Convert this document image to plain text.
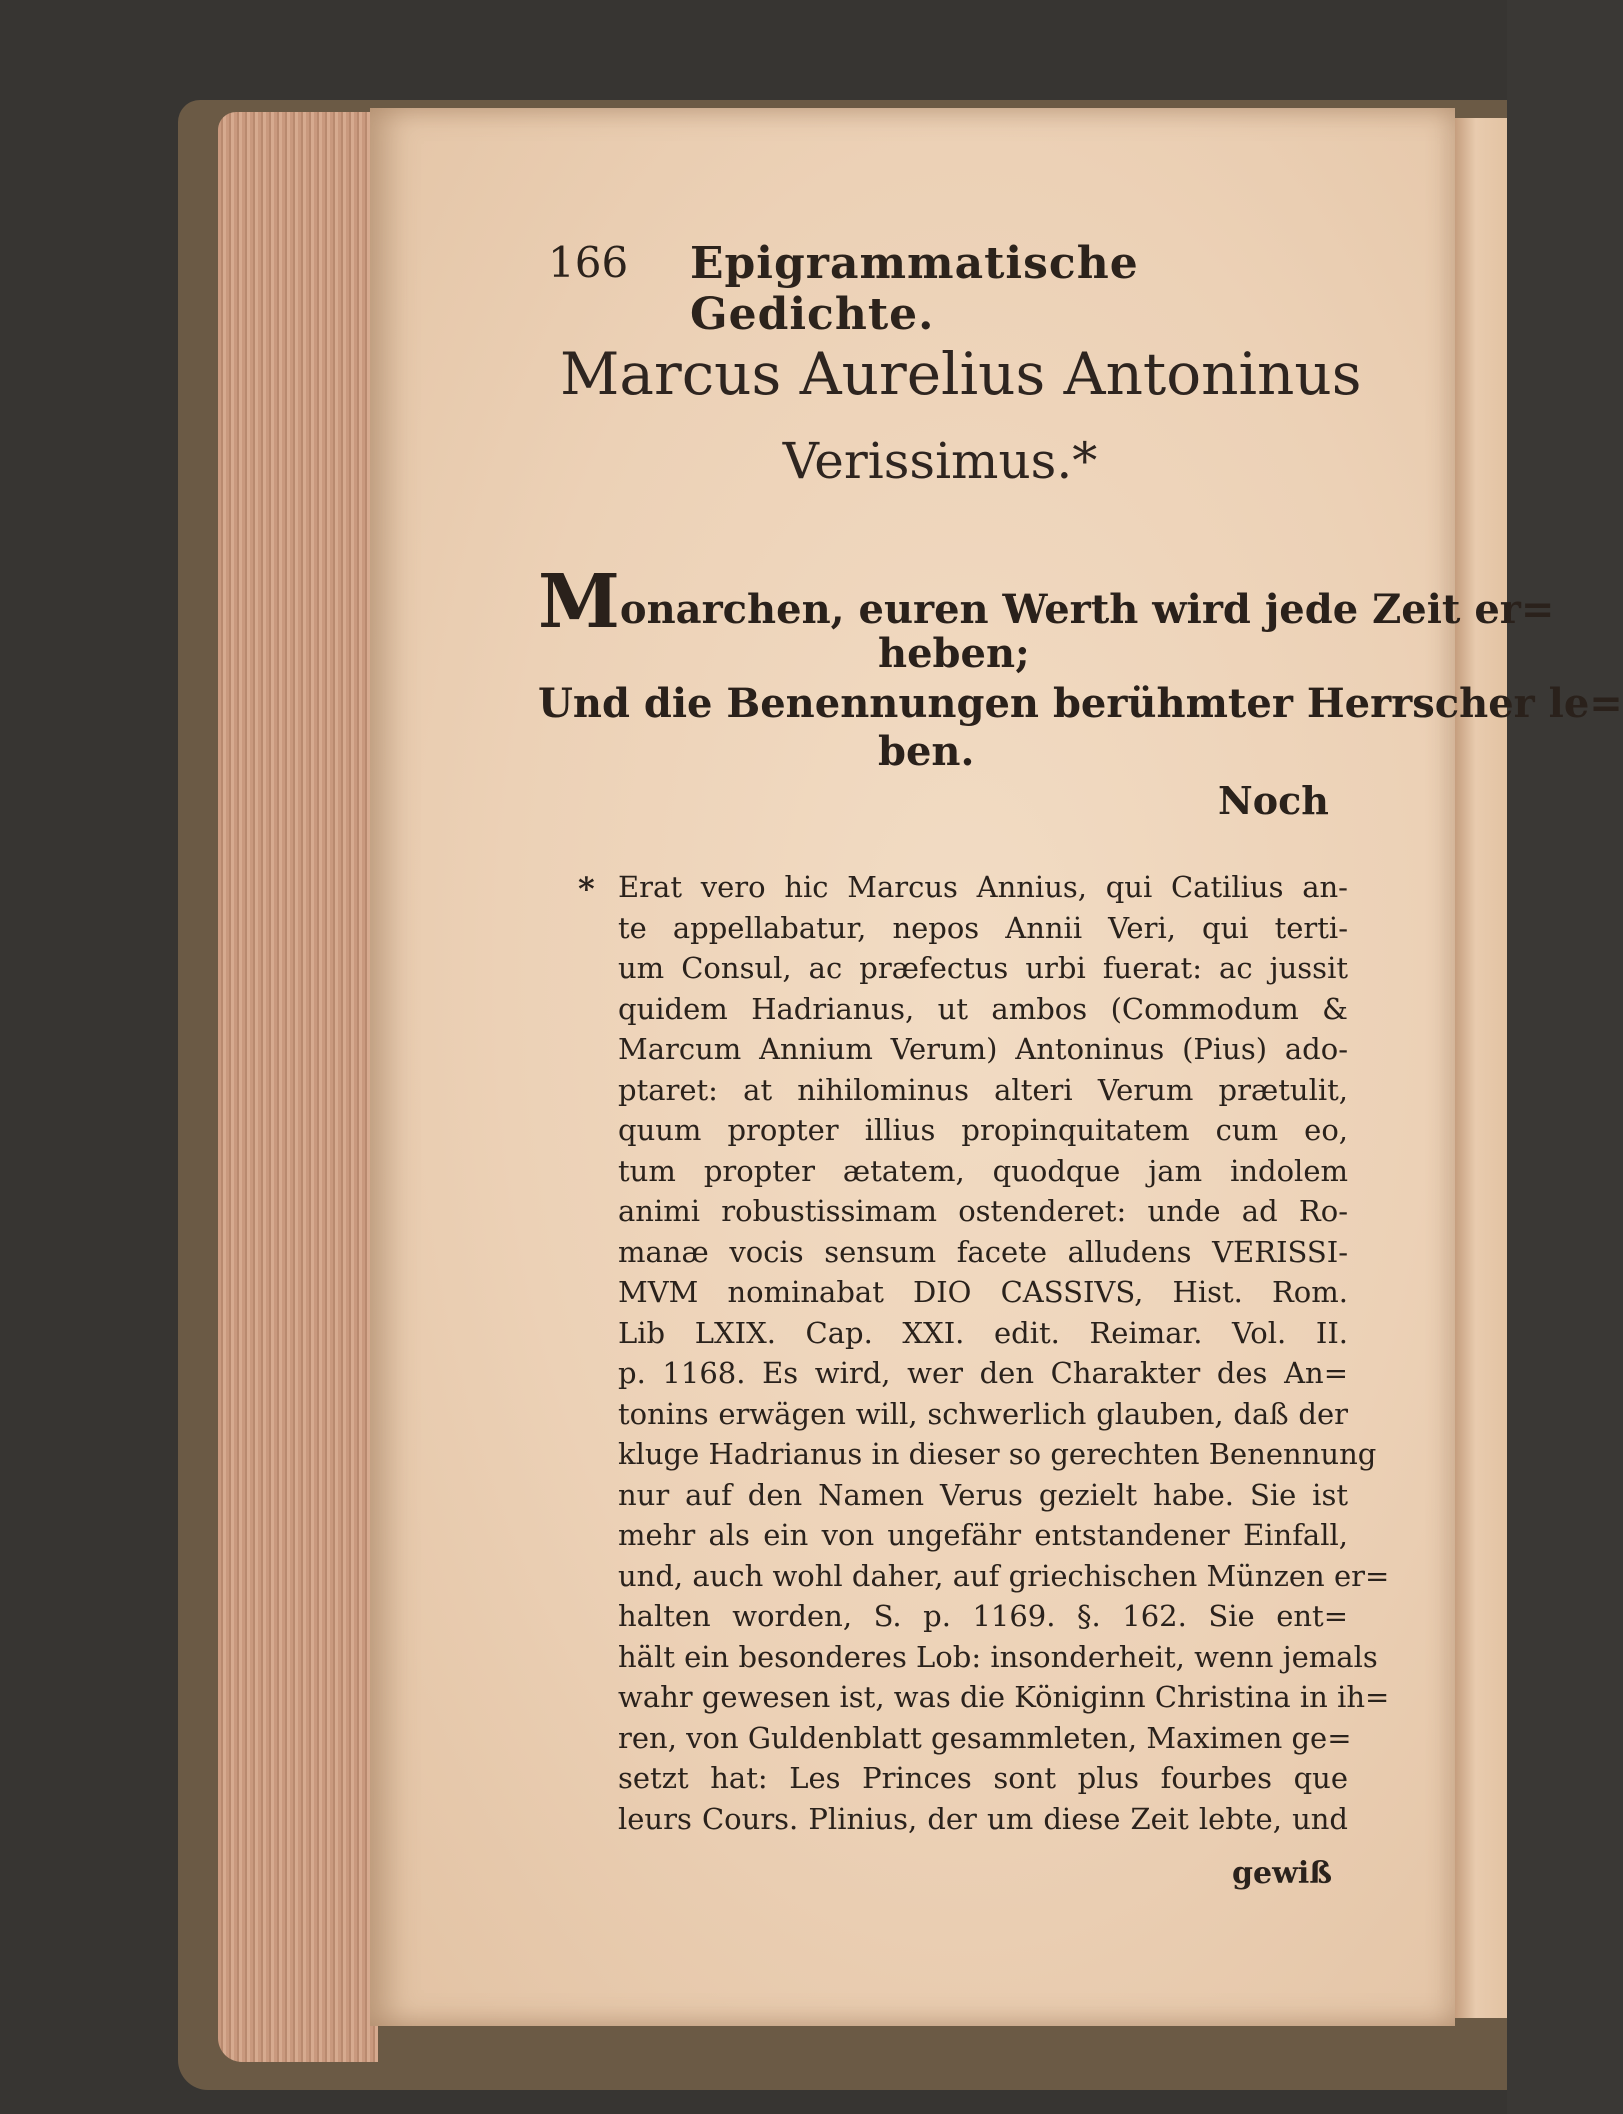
166 Epigrammatische Gedichte.
Marcus Aurelius Antoninus
Verissimus.*
Monarchen, euren Werth wird jede Zeit er=
heben;
Und die Benennungen berühmter Herrscher le=
ben.
Noch
* Erat vero hic Marcus Annius, qui Catilius an-
te appellabatur, nepos Annii Veri, qui terti-
um Consul, ac præfectus urbi fuerat: ac jussit
quidem Hadrianus, ut ambos (Commodum &
Marcum Annium Verum) Antoninus (Pius) ado-
ptaret: at nihilominus alteri Verum prætulit,
quum propter illius propinquitatem cum eo,
tum propter ætatem, quodque jam indolem
animi robustissimam ostenderet: unde ad Ro-
manæ vocis sensum facete alludens VERISSI-
MVM nominabat DIO CASSIVS, Hist. Rom.
Lib LXIX. Cap. XXI. edit. Reimar. Vol. II.
p. 1168. Es wird, wer den Charakter des An=
tonins erwägen will, schwerlich glauben, daß der
kluge Hadrianus in dieser so gerechten Benennung
nur auf den Namen Verus gezielt habe. Sie ist
mehr als ein von ungefähr entstandener Einfall,
und, auch wohl daher, auf griechischen Münzen er=
halten worden, S. p. 1169. §. 162. Sie ent=
hält ein besonderes Lob: insonderheit, wenn jemals
wahr gewesen ist, was die Königinn Christina in ih=
ren, von Guldenblatt gesammleten, Maximen ge=
setzt hat: Les Princes sont plus fourbes que
leurs Cours. Plinius, der um diese Zeit lebte, und
gewiß
